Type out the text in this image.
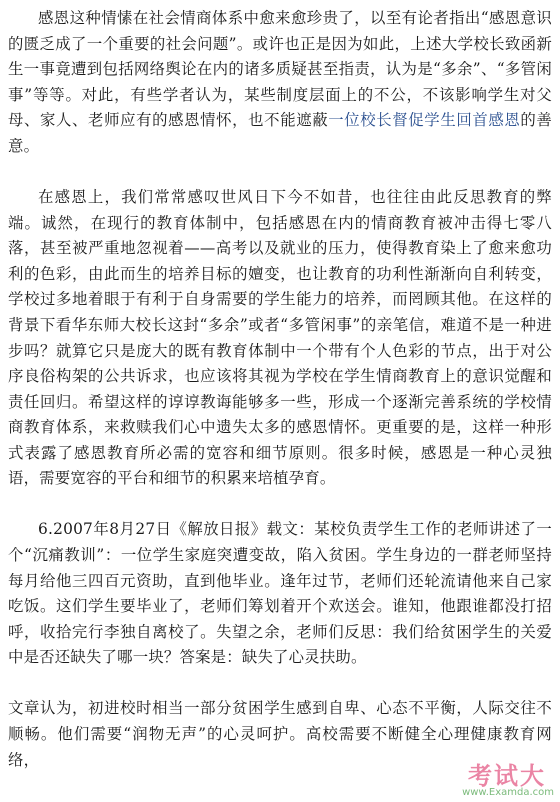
感恩这种情愫在社会情商体系中愈来愈珍贵了，以至有论者指出“感恩意识的匮乏成了一个重要的社会问题”。或许也正是因为如此，上述大学校长致函新生一事竟遭到包括网络舆论在内的诸多质疑甚至指责，认为是“多余”、“多管闲事”等等。对此，有些学者认为，某些制度层面上的不公，不该影响学生对父母、家人、老师应有的感恩情怀，也不能遮蔽一位校长督促学生回首感恩的善意。

在感恩上，我们常常感叹世风日下今不如昔，也往往由此反思教育的弊端。诚然，在现行的教育体制中，包括感恩在内的情商教育被冲击得七零八落，甚至被严重地忽视着——高考以及就业的压力，使得教育染上了愈来愈功利的色彩，由此而生的培养目标的嬗变，也让教育的功利性渐渐向自利转变，学校过多地着眼于有利于自身需要的学生能力的培养，而罔顾其他。在这样的背景下看华东师大校长这封“多余”或者“多管闲事”的亲笔信，难道不是一种进步吗？就算它只是庞大的既有教育体制中一个带有个人色彩的节点，出于对公序良俗构架的公共诉求，也应该将其视为学校在学生情商教育上的意识觉醒和责任回归。希望这样的谆谆教诲能够多一些，形成一个逐渐完善系统的学校情商教育体系，来救赎我们心中遗失太多的感恩情怀。更重要的是，这样一种形式表露了感恩教育所必需的宽容和细节原则。很多时候，感恩是一种心灵独语，需要宽容的平台和细节的积累来培植孕育。

6.2007年8月27日《解放日报》载文：某校负责学生工作的老师讲述了一个“沉痛教训”：一位学生家庭突遭变故，陷入贫困。学生身边的一群老师坚持每月给他三四百元资助，直到他毕业。逢年过节，老师们还轮流请他来自己家吃饭。这们学生要毕业了，老师们筹划着开个欢送会。谁知，他跟谁都没打招呼，收拾完行李独自离校了。失望之余，老师们反思：我们给贫困学生的关爱中是否还缺失了哪一块？答案是：缺失了心灵扶助。

文章认为，初进校时相当一部分贫困学生感到自卑、心态不平衡，人际交往不顺畅。他们需要“润物无声”的心灵呵护。高校需要不断健全心理健康教育网络，

考试大
www.Examda.com
